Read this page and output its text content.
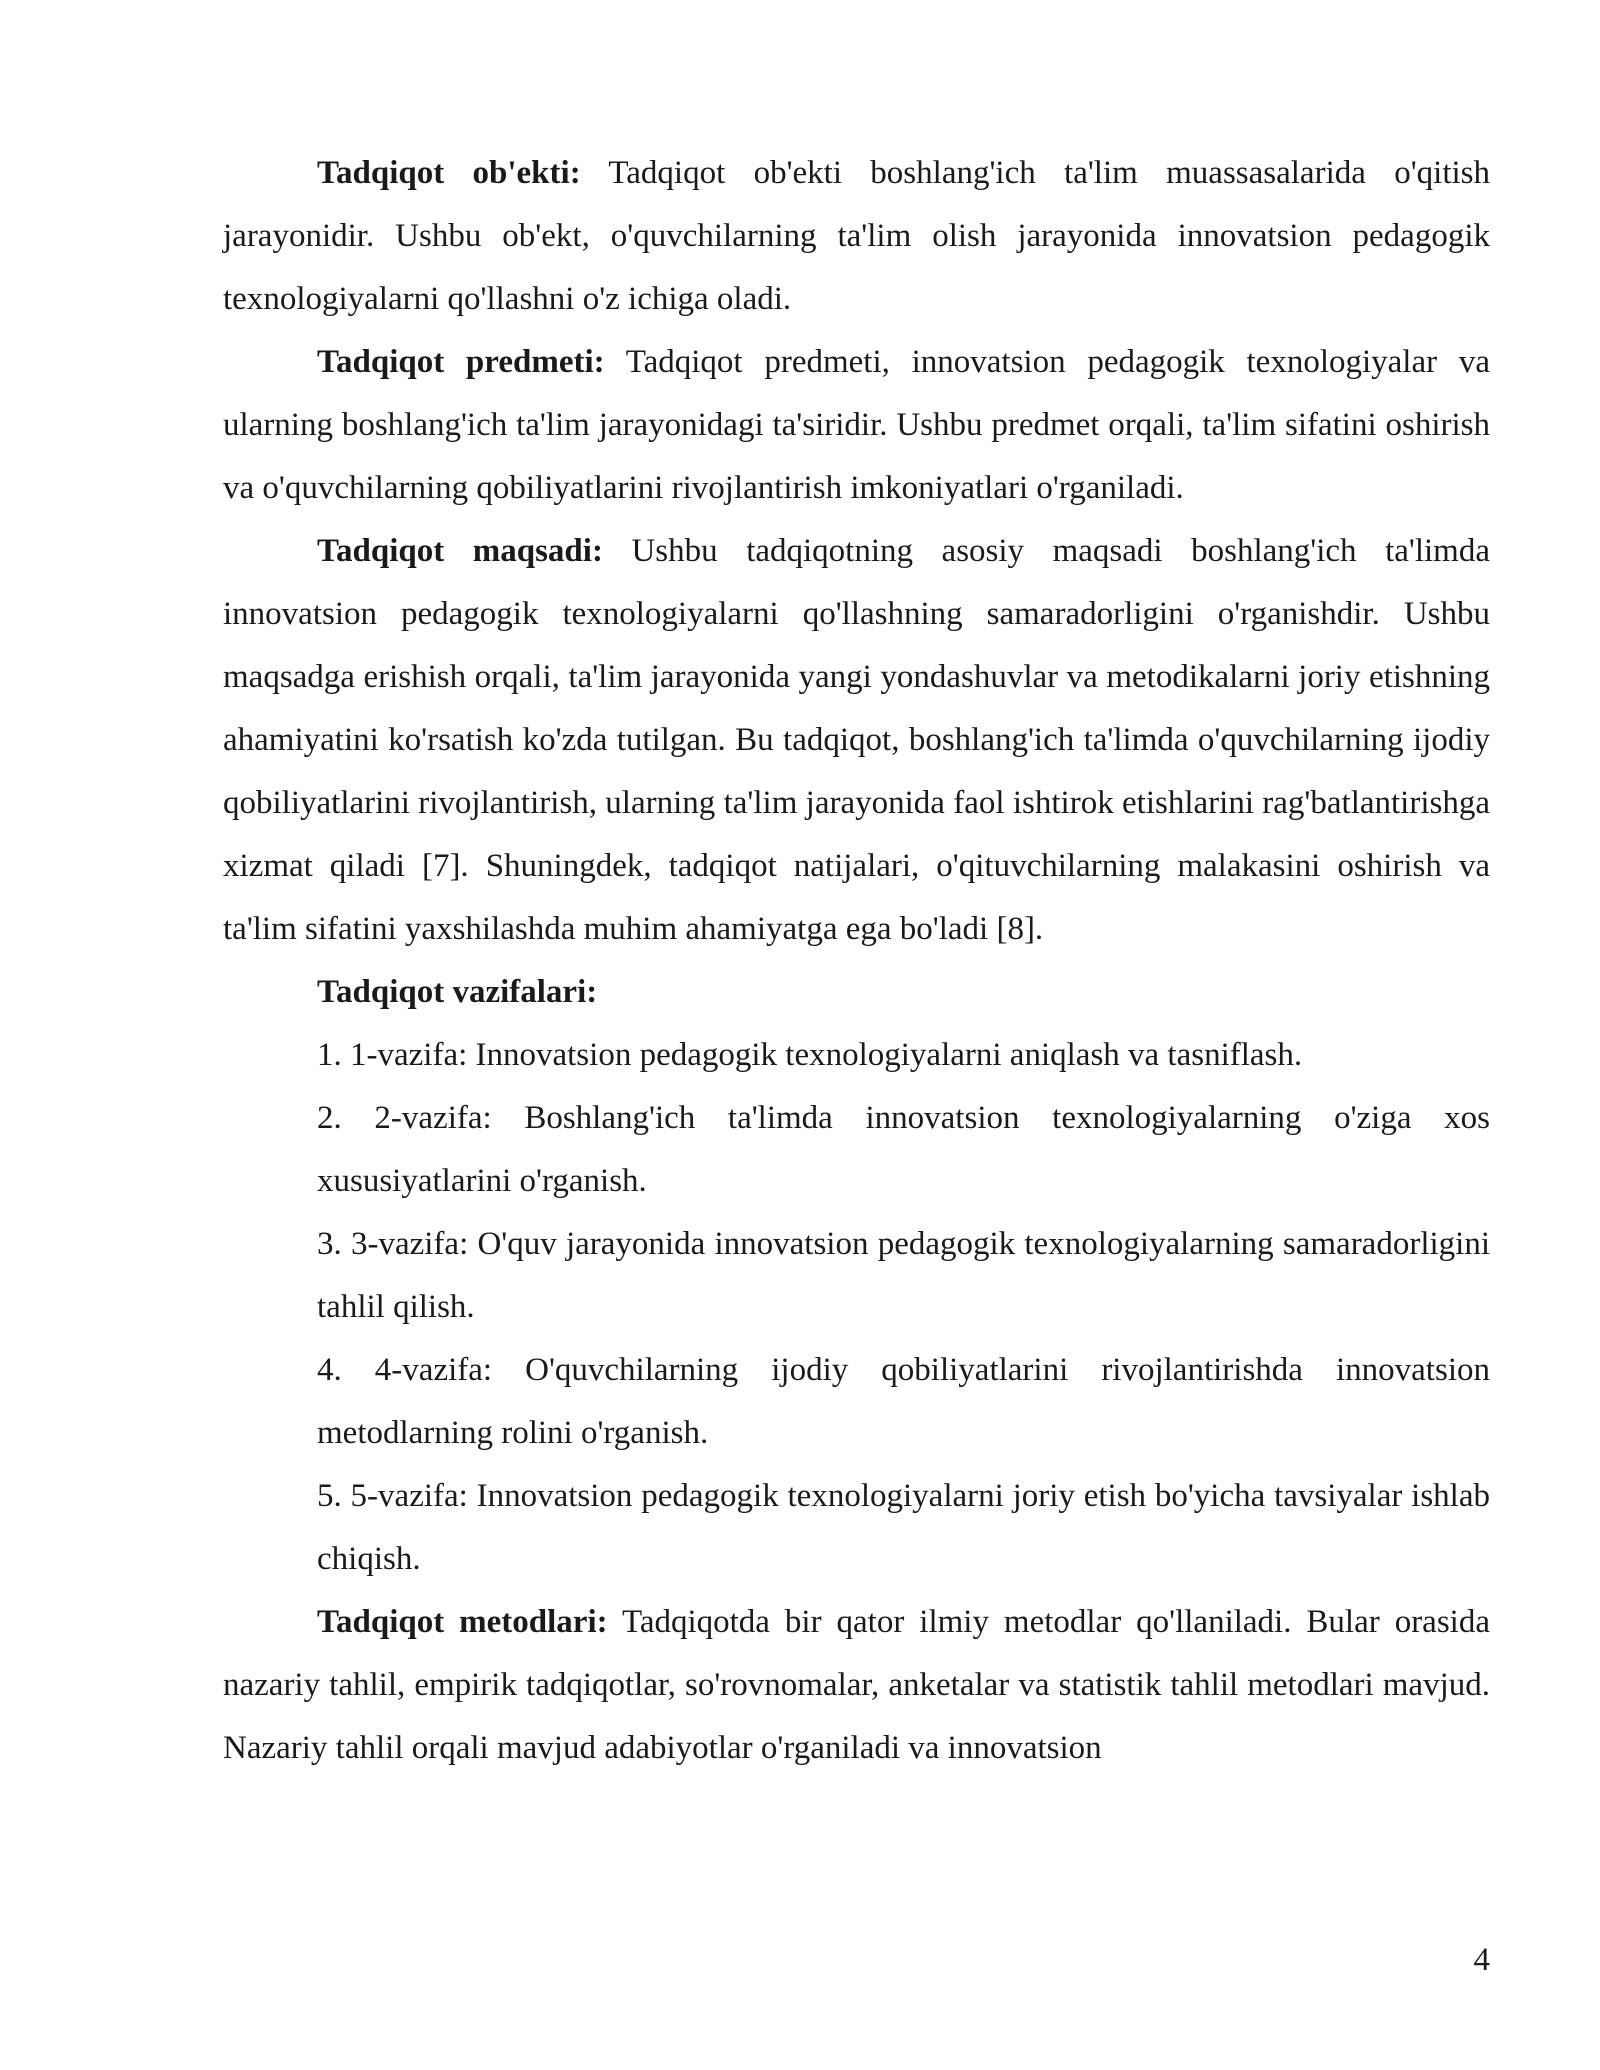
Tadqiqot ob'ekti: Tadqiqot ob'ekti boshlang'ich ta'lim muassasalarida o'qitish jarayonidir. Ushbu ob'ekt, o'quvchilarning ta'lim olish jarayonida innovatsion pedagogik texnologiyalarni qo'llashni o'z ichiga oladi.

Tadqiqot predmeti: Tadqiqot predmeti, innovatsion pedagogik texnologiyalar va ularning boshlang'ich ta'lim jarayonidagi ta'siridir. Ushbu predmet orqali, ta'lim sifatini oshirish va o'quvchilarning qobiliyatlarini rivojlantirish imkoniyatlari o'rganiladi.

Tadqiqot maqsadi: Ushbu tadqiqotning asosiy maqsadi boshlang'ich ta'limda innovatsion pedagogik texnologiyalarni qo'llashning samaradorligini o'rganishdir. Ushbu maqsadga erishish orqali, ta'lim jarayonida yangi yondashuvlar va metodikalarni joriy etishning ahamiyatini ko'rsatish ko'zda tutilgan. Bu tadqiqot, boshlang'ich ta'limda o'quvchilarning ijodiy qobiliyatlarini rivojlantirish, ularning ta'lim jarayonida faol ishtirok etishlarini rag'batlantirishga xizmat qiladi [7]. Shuningdek, tadqiqot natijalari, o'qituvchilarning malakasini oshirish va ta'lim sifatini yaxshilashda muhim ahamiyatga ega bo'ladi [8].

Tadqiqot vazifalari:

1. 1-vazifa: Innovatsion pedagogik texnologiyalarni aniqlash va tasniflash.

2. 2-vazifa: Boshlang'ich ta'limda innovatsion texnologiyalarning o'ziga xos xususiyatlarini o'rganish.

3. 3-vazifa: O'quv jarayonida innovatsion pedagogik texnologiyalarning samaradorligini tahlil qilish.

4. 4-vazifa: O'quvchilarning ijodiy qobiliyatlarini rivojlantirishda innovatsion metodlarning rolini o'rganish.

5. 5-vazifa: Innovatsion pedagogik texnologiyalarni joriy etish bo'yicha tavsiyalar ishlab chiqish.

Tadqiqot metodlari: Tadqiqotda bir qator ilmiy metodlar qo'llaniladi. Bular orasida nazariy tahlil, empirik tadqiqotlar, so'rovnomalar, anketalar va statistik tahlil metodlari mavjud. Nazariy tahlil orqali mavjud adabiyotlar o'rganiladi va innovatsion

4
